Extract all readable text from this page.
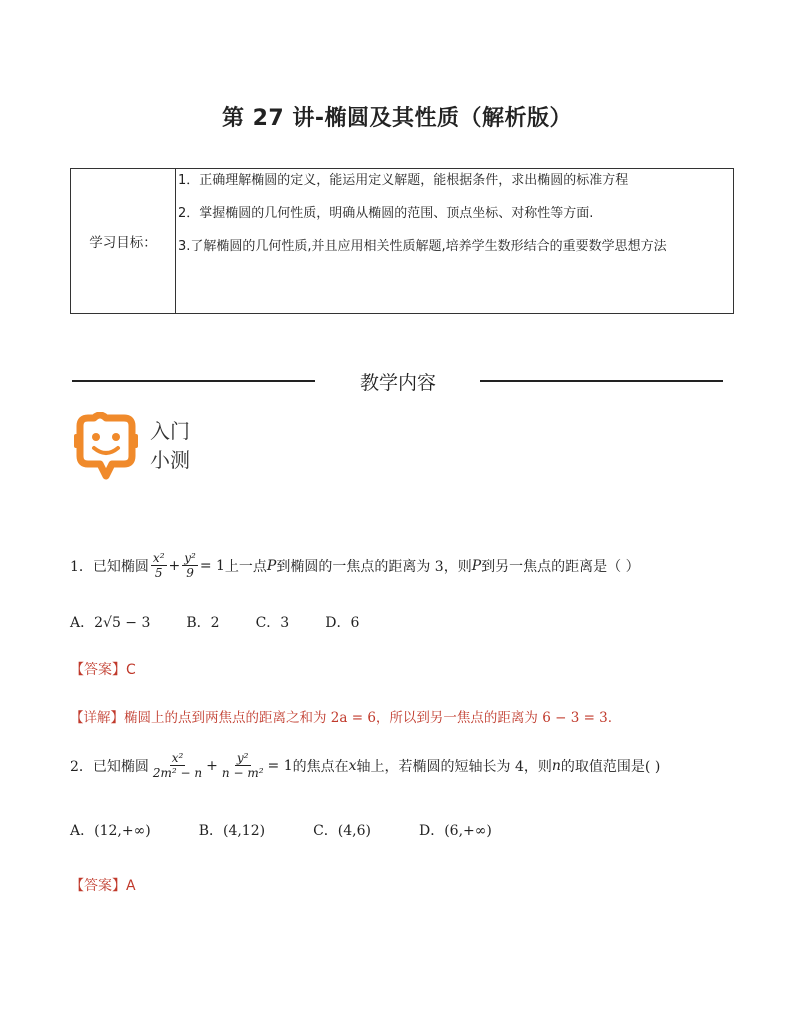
第 27 讲-椭圆及其性质（解析版）
学习目标：	

1．正确理解椭圆的定义，能运用定义解题，能根据条件，求出椭圆的标准方程

2．掌握椭圆的几何性质，明确从椭圆的范围、顶点坐标、对称性等方面.

3.了解椭圆的几何性质,并且应用相关性质解题,培养学生数形结合的重要数学思想方法

教学内容
入门
小测
1．已知椭圆 $\frac{\text{x²}}{5} + \frac{\text{y²}}{9} = 1$ 上一点 P 到椭圆的一焦点的距离为 3，则 P 到另一焦点的距离是（ ）
A．2√5 − 3	B．2	C．3	D．6
【答案】C
【详解】椭圆上的点到两焦点的距离之和为 2a = 6，所以到另一焦点的距离为 6 − 3 = 3.
2．已知椭圆 $\frac{\text{x²}}{\text{2m² − n}} + \frac{\text{y²}}{\text{n − m²}} = 1$ 的焦点在 x 轴上，若椭圆的短轴长为 4，则 n 的取值范围是( )
A．(12,+∞)	B．(4,12)	C．(4,6)	D．(6,+∞)
【答案】A
